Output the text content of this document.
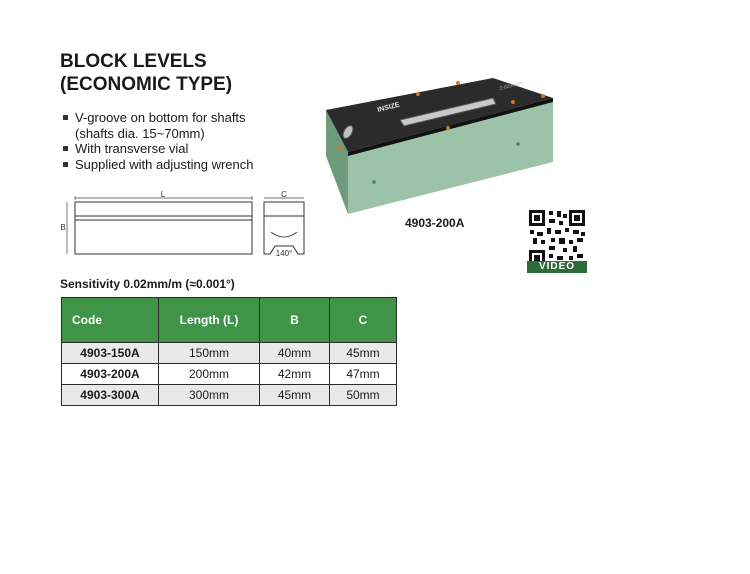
BLOCK LEVELS
(ECONOMIC TYPE)
V-groove on bottom for shafts
(shafts dia. 15~70mm)
With transverse vial
Supplied with adjusting wrench
L
B
C
140°
INSIZE
2-02mm/m
4903-200A
VIDEO
Sensitivity 0.02mm/m (≈0.001°)
Code	Length (L)	B	C
4903-150A	150mm	40mm	45mm
4903-200A	200mm	42mm	47mm
4903-300A	300mm	45mm	50mm
